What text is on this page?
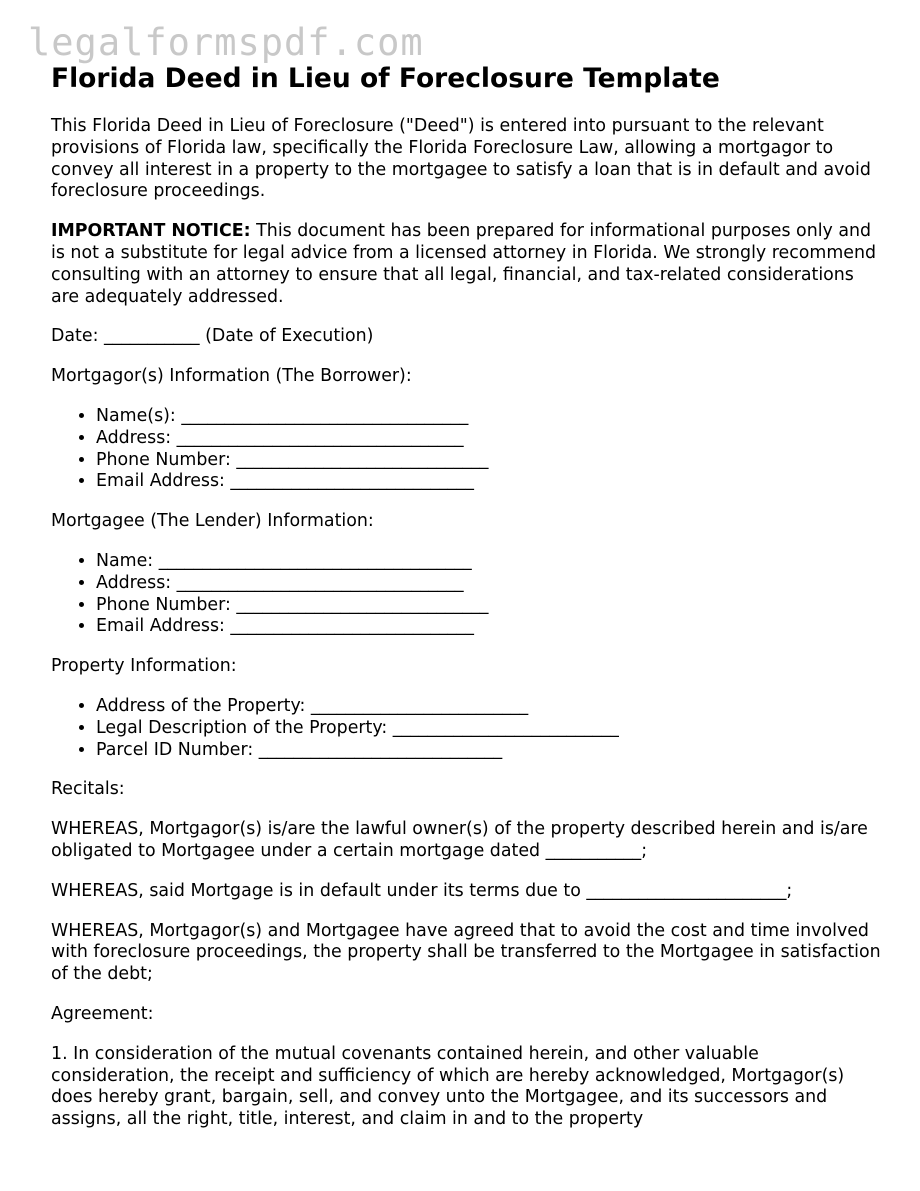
legalformspdf.com
Florida Deed in Lieu of Foreclosure Template

This Florida Deed in Lieu of Foreclosure ("Deed") is entered into pursuant to the relevant provisions of Florida law, specifically the Florida Foreclosure Law, allowing a mortgagor to convey all interest in a property to the mortgagee to satisfy a loan that is in default and avoid foreclosure proceedings.

IMPORTANT NOTICE: This document has been prepared for informational purposes only and is not a substitute for legal advice from a licensed attorney in Florida. We strongly recommend consulting with an attorney to ensure that all legal, financial, and tax-related considerations are adequately addressed.

Date: ___________ (Date of Execution)

Mortgagor(s) Information (The Borrower):

• Name(s): _________________________________
• Address: _________________________________
• Phone Number: _____________________________
• Email Address: ____________________________

Mortgagee (The Lender) Information:

• Name: ____________________________________
• Address: _________________________________
• Phone Number: _____________________________
• Email Address: ____________________________

Property Information:

• Address of the Property: _________________________
• Legal Description of the Property: __________________________
• Parcel ID Number: ____________________________

Recitals:

WHEREAS, Mortgagor(s) is/are the lawful owner(s) of the property described herein and is/are obligated to Mortgagee under a certain mortgage dated ___________;

WHEREAS, said Mortgage is in default under its terms due to _______________________;

WHEREAS, Mortgagor(s) and Mortgagee have agreed that to avoid the cost and time involved with foreclosure proceedings, the property shall be transferred to the Mortgagee in satisfaction of the debt;

Agreement:

1. In consideration of the mutual covenants contained herein, and other valuable consideration, the receipt and sufficiency of which are hereby acknowledged, Mortgagor(s) does hereby grant, bargain, sell, and convey unto the Mortgagee, and its successors and assigns, all the right, title, interest, and claim in and to the property
